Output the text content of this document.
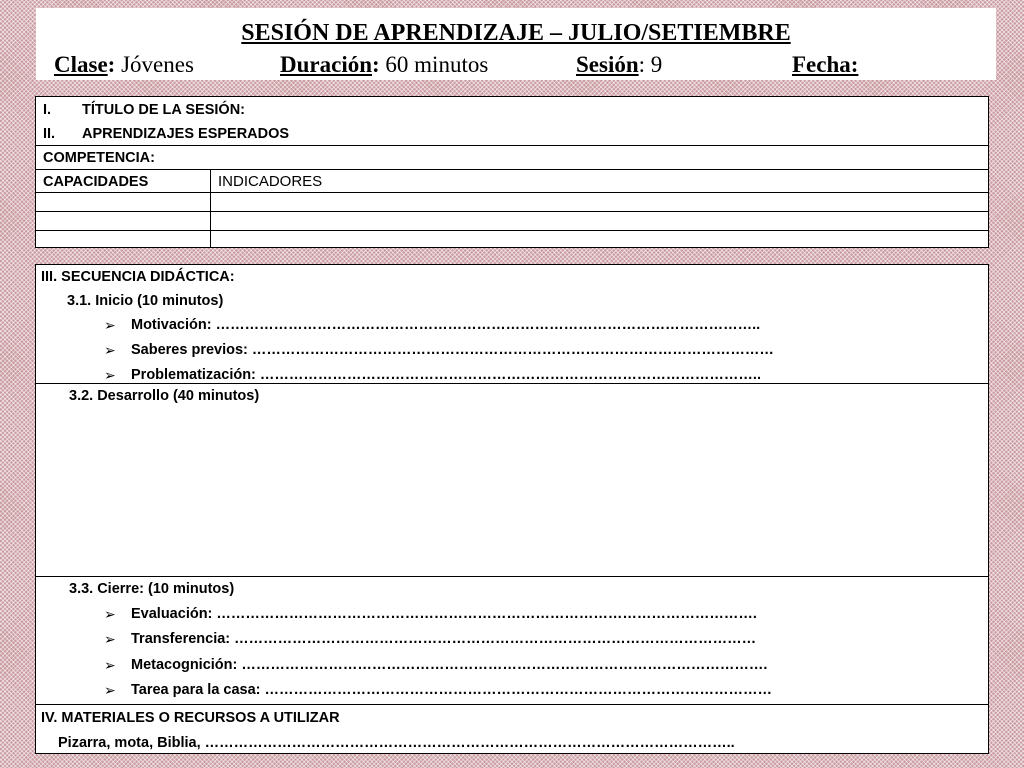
SESIÓN DE APRENDIZAJE – JULIO/SETIEMBRE
Clase: Jóvenes	Duración: 60 minutos	Sesión: 9	Fecha:
I. TÍTULO DE LA SESIÓN:
II. APRENDIZAJES ESPERADOS
COMPETENCIA:
CAPACIDADES	INDICADORES
III. SECUENCIA DIDÁCTICA:
3.1. Inicio (10 minutos)
➢ Motivación: …………………………………………………………………………………………………..
➢ Saberes previos: ………………………………………………………………………………………………
➢ Problematización: …………………………………………………………………………………………..
3.2. Desarrollo (40 minutos)
3.3. Cierre: (10 minutos)
➢ Evaluación: ………………………………………………………………………………………………….
➢ Transferencia: ………………………………………………………………………………………………
➢ Metacognición: ……………………………………………………………………………………………….
➢ Tarea para la casa: ……………………………………………………………………………………………
IV. MATERIALES O RECURSOS A UTILIZAR
Pizarra, mota, Biblia, ………………………………………………………………………………………………..
